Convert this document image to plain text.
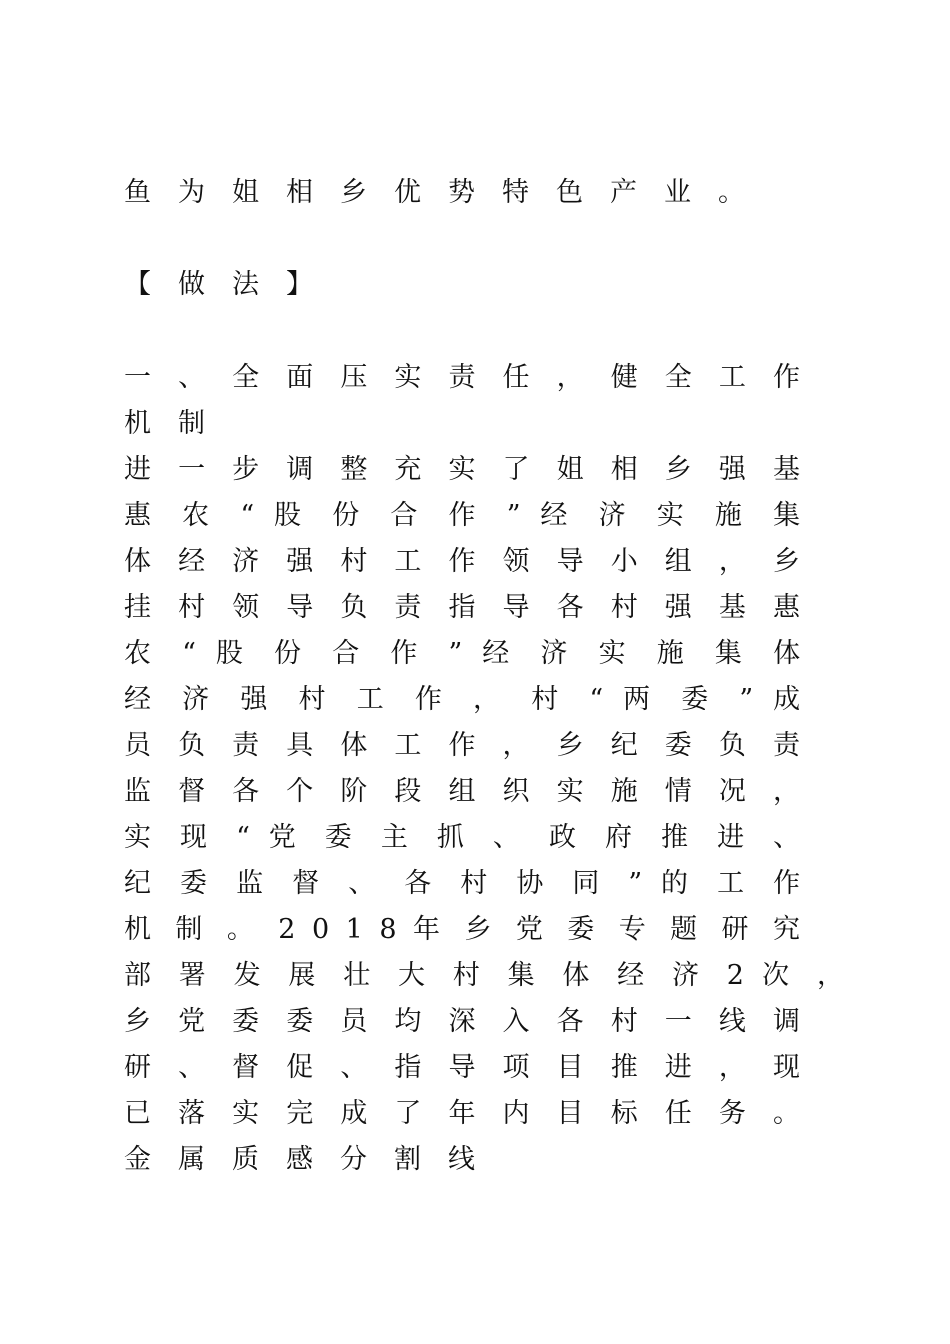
鱼为姐相乡优势特色产业。
【做法】
一 、 全 面 压 实 责 任 ， 健 全 工 作
机制
进 一 步 调 整 充 实 了 姐 相 乡 强 基
惠 农 “ 股 份 合 作 ” 经 济 实 施 集
体 经 济 强 村 工 作 领 导 小 组 ， 乡
挂 村 领 导 负 责 指 导 各 村 强 基 惠
农 “ 股 份 合 作 ” 经 济 实 施 集 体
经 济 强 村 工 作 ， 村 “ 两 委 ” 成
员 负 责 具 体 工 作 ， 乡 纪 委 负 责
监 督 各 个 阶 段 组 织 实 施 情 况 ，
实 现 “ 党 委 主 抓 、 政 府 推 进 、
纪 委 监 督 、 各 村 协 同 ” 的 工 作
机 制 。 2 0 1 8 年 乡 党 委 专 题 研 究
部 署 发 展 壮 大 村 集 体 经 济 2 次 ，
乡 党 委 委 员 均 深 入 各 村 一 线 调
研 、 督 促 、 指 导 项 目 推 进 ， 现
已 落 实 完 成 了 年 内 目 标 任 务 。
金属质感分割线
